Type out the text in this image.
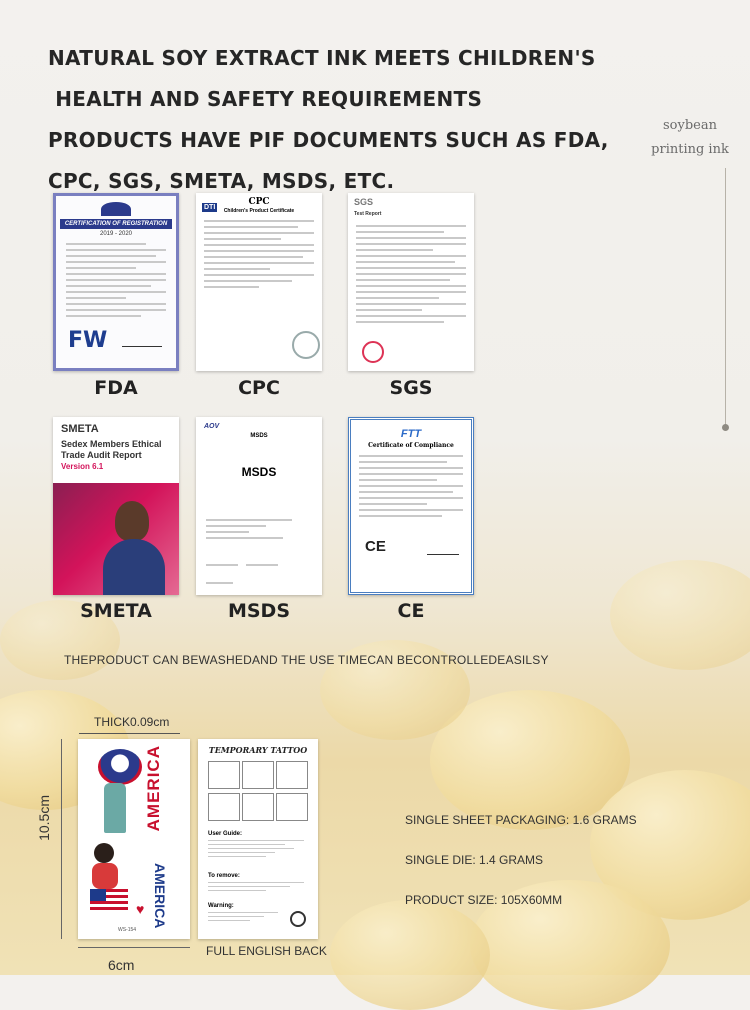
NATURAL SOY EXTRACT INK MEETS CHILDREN'S
HEALTH AND SAFETY REQUIREMENTS
PRODUCTS HAVE PIF DOCUMENTS SUCH AS FDA,
CPC, SGS, SMETA, MSDS, ETC.
soybean
printing ink
CERTIFICATION OF REGISTRATION
2019 - 2020
FW
FDA
CPC
DTI	Children's Product Certificate
CPC
SGS
Test Report
SGS
SMETA
Sedex Members Ethical
Trade Audit Report
Version 6.1
SMETA
AOV
MSDS
MSDS
MSDS
FTT
Certificate of Compliance
CE
CE
THEPRODUCT CAN BEWASHEDAND THE USE TIMECAN BECONTROLLEDEASILSY
THICK0.09cm
10.5cm
6cm
AMERICA
♥ AMERICA
WS-154
TEMPORARY TATTOO
User Guide:
To remove:
Warning:
FULL ENGLISH BACK
SINGLE SHEET PACKAGING: 1.6 GRAMS
SINGLE DIE: 1.4 GRAMS
PRODUCT SIZE: 105X60MM
